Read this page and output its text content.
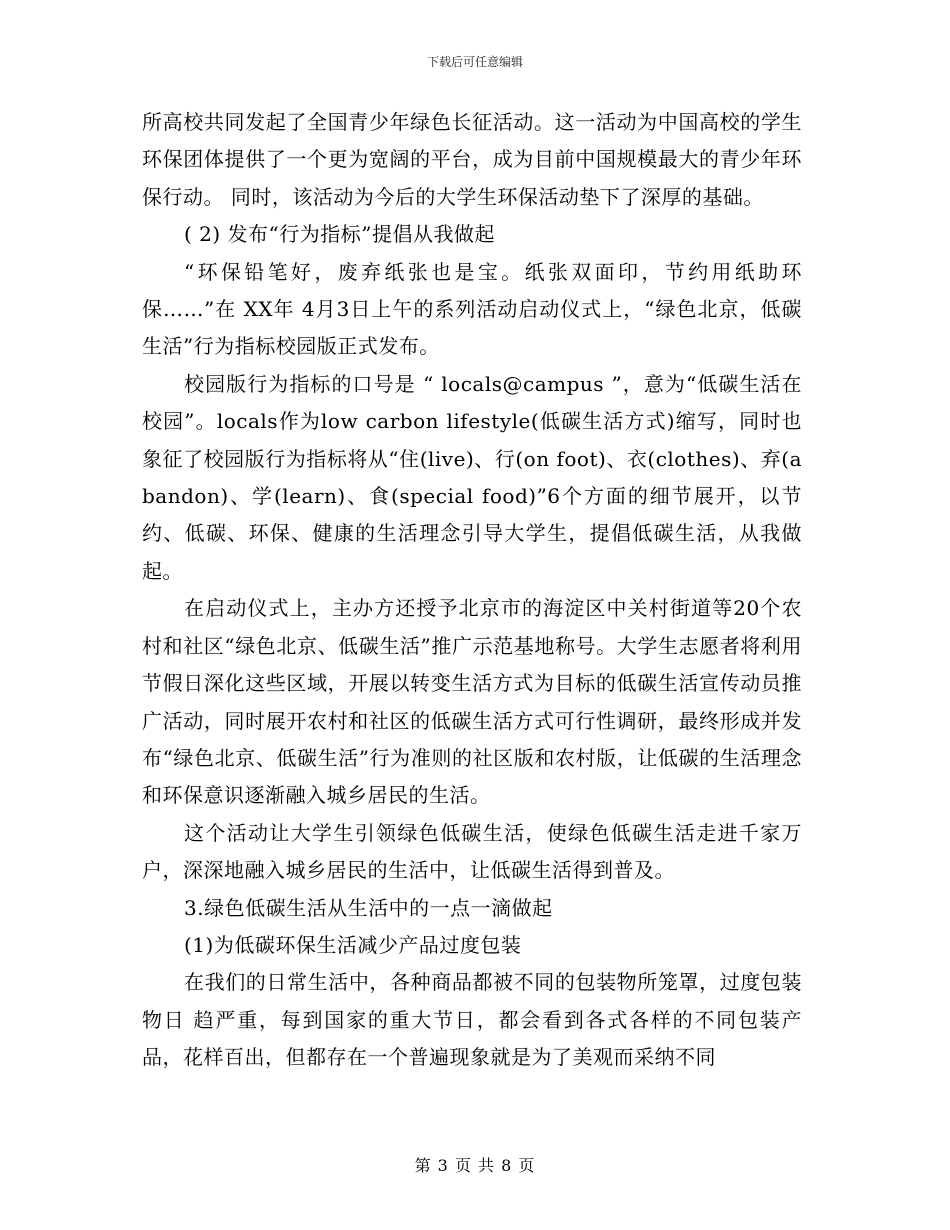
下载后可任意编辑

所高校共同发起了全国青少年绿色长征活动。这一活动为中国高校的学生环保团体提供了一个更为宽阔的平台，成为目前中国规模最大的青少年环保行动。 同时，该活动为今后的大学生环保活动垫下了深厚的基础。

( 2) 发布“行为指标”提倡从我做起

“环保铅笔好，废弃纸张也是宝。纸张双面印，节约用纸助环保……”在 XX年 4月3日上午的系列活动启动仪式上，“绿色北京，低碳生活”行为指标校园版正式发布。

校园版行为指标的口号是 “ locals@campus ”，意为“低碳生活在校园”。locals作为low carbon lifestyle(低碳生活方式)缩写，同时也象征了校园版行为指标将从“住(live)、行(on foot)、衣(clothes)、弃(abandon)、学(learn)、食(special food)”6个方面的细节展开，以节约、低碳、环保、健康的生活理念引导大学生，提倡低碳生活，从我做起。

在启动仪式上，主办方还授予北京市的海淀区中关村街道等20个农村和社区“绿色北京、低碳生活”推广示范基地称号。大学生志愿者将利用节假日深化这些区域，开展以转变生活方式为目标的低碳生活宣传动员推广活动，同时展开农村和社区的低碳生活方式可行性调研，最终形成并发布“绿色北京、低碳生活”行为准则的社区版和农村版，让低碳的生活理念和环保意识逐渐融入城乡居民的生活。

这个活动让大学生引领绿色低碳生活，使绿色低碳生活走进千家万户，深深地融入城乡居民的生活中，让低碳生活得到普及。

3.绿色低碳生活从生活中的一点一滴做起

(1)为低碳环保生活减少产品过度包装

在我们的日常生活中，各种商品都被不同的包装物所笼罩，过度包装物日 趋严重，每到国家的重大节日，都会看到各式各样的不同包装产品，花样百出，但都存在一个普遍现象就是为了美观而采纳不同

第 3 页 共 8 页
